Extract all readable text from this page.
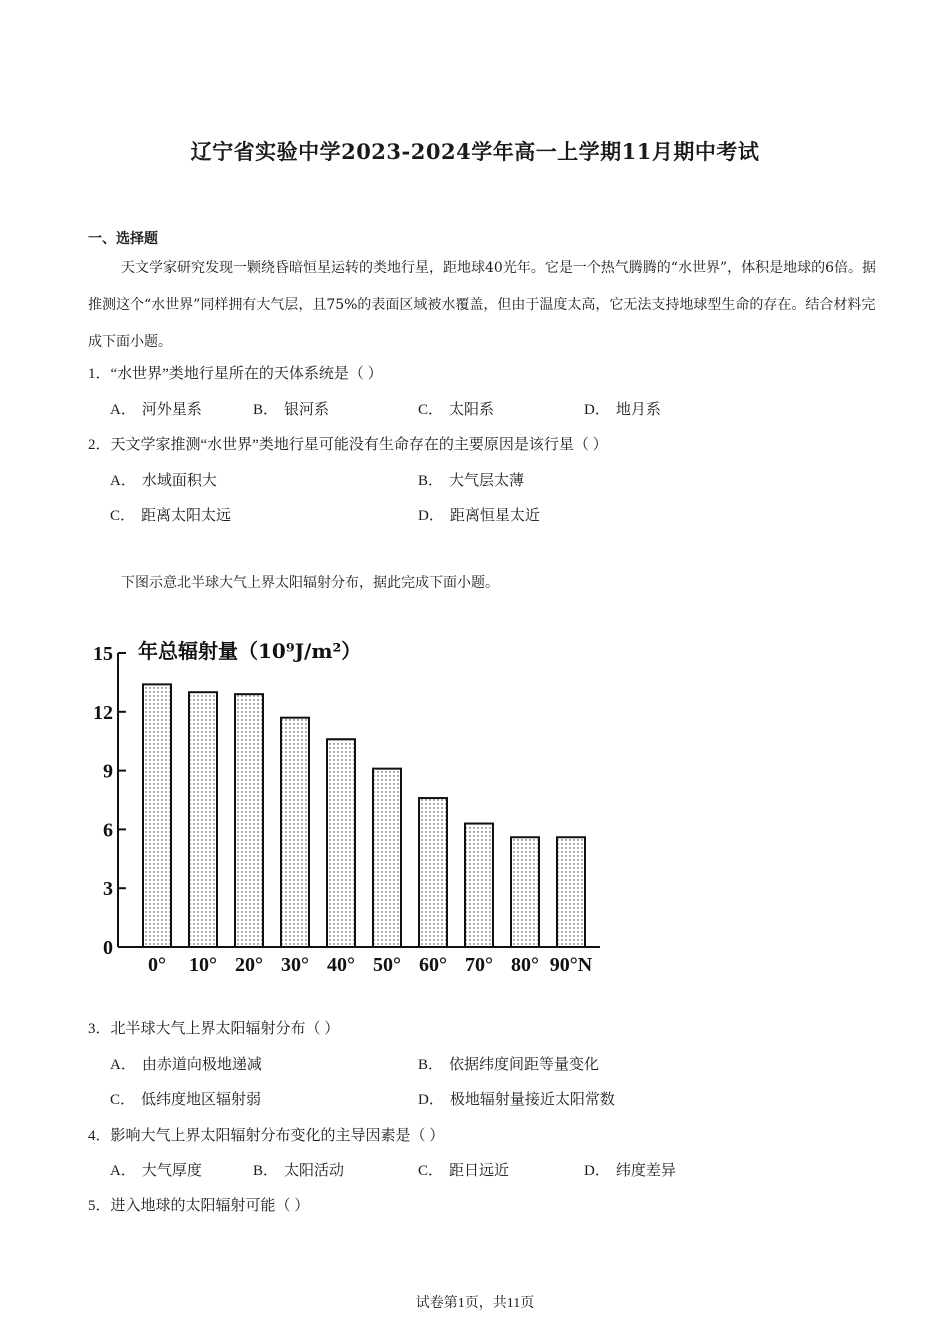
辽宁省实验中学2023-2024学年高一上学期11月期中考试
一、选择题

天文学家研究发现一颗绕昏暗恒星运转的类地行星，距地球40光年。它是一个热气腾腾的“水世界”，体积是地球的6倍。据推测这个“水世界”同样拥有大气层，且75%的表面区域被水覆盖，但由于温度太高，它无法支持地球型生命的存在。结合材料完成下面小题。

1．“水世界”类地行星所在的天体系统是（ ）
A． 河外星系	B． 银河系	C． 太阳系	D． 地月系
2．天文学家推测“水世界”类地行星可能没有生命存在的主要原因是该行星（ ）
A． 水域面积大	B． 大气层太薄
C． 距离太阳太远	D． 距离恒星太近
下图示意北半球大气上界太阳辐射分布，据此完成下面小题。
0° 10° 20° 30° 40° 50° 60° 70° 80° 90°N
0
3
6
9
12
15 年总辐射量（10⁹J/m²）
3．北半球大气上界太阳辐射分布（ ）
A． 由赤道向极地递减	B． 依据纬度间距等量变化
C． 低纬度地区辐射弱	D． 极地辐射量接近太阳常数
4．影响大气上界太阳辐射分布变化的主导因素是（ ）
A． 大气厚度	B． 太阳活动	C． 距日远近	D． 纬度差异
5．进入地球的太阳辐射可能（ ）
试卷第1页，共11页
